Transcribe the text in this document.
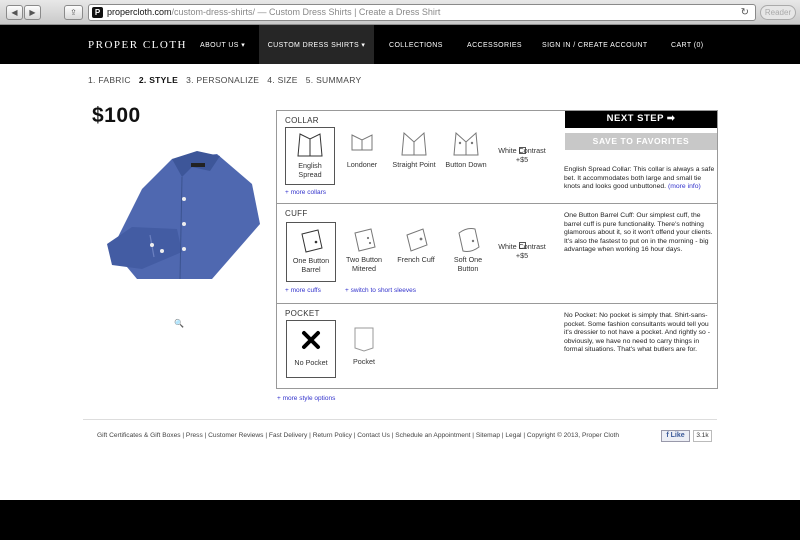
◀	▶	⇪	P propercloth.com/custom-dress-shirts/ — Custom Dress Shirts | Create a Dress Shirt	↻	Reader
PROPER CLOTH ABOUT US ▾	CUSTOM DRESS SHIRTS ▾	COLLECTIONS	ACCESSORIES	SIGN IN / CREATE ACCOUNT	CART (0)
1. FABRIC 2. STYLE 3. PERSONALIZE 4. SIZE 5. SUMMARY
$100
🔍
NEXT STEP ➡
SAVE TO FAVORITES
COLLAR
English Spread
Londoner	Straight Point	Button Down
White Contrast +$5
+ more collars
English Spread Collar: This collar is always a safe bet. It accommodates both large and small tie knots and looks good unbuttoned. (more info)
CUFF
One Button Barrel
Two Button Mitered
French Cuff	Soft One Button
White Contrast +$5
+ more cuffs	+ switch to short sleeves
One Button Barrel Cuff: Our simplest cuff, the barrel cuff is pure functionality. There's nothing glamorous about it, so it won't offend your clients. It's also the fastest to put on in the morning - big advantage when working 16 hour days.
POCKET
No Pocket	Pocket
No Pocket: No pocket is simply that. Shirt-sans-pocket. Some fashion consultants would tell you it's dressier to not have a pocket. And rightly so - obviously, we have no need to carry things in formal situations. That's what butlers are for.
+ more style options
Gift Certificates & Gift Boxes | Press | Customer Reviews | Fast Delivery | Return Policy | Contact Us | Schedule an Appointment | Sitemap | Legal | Copyright © 2013, Proper Cloth	f Like	3.1k
